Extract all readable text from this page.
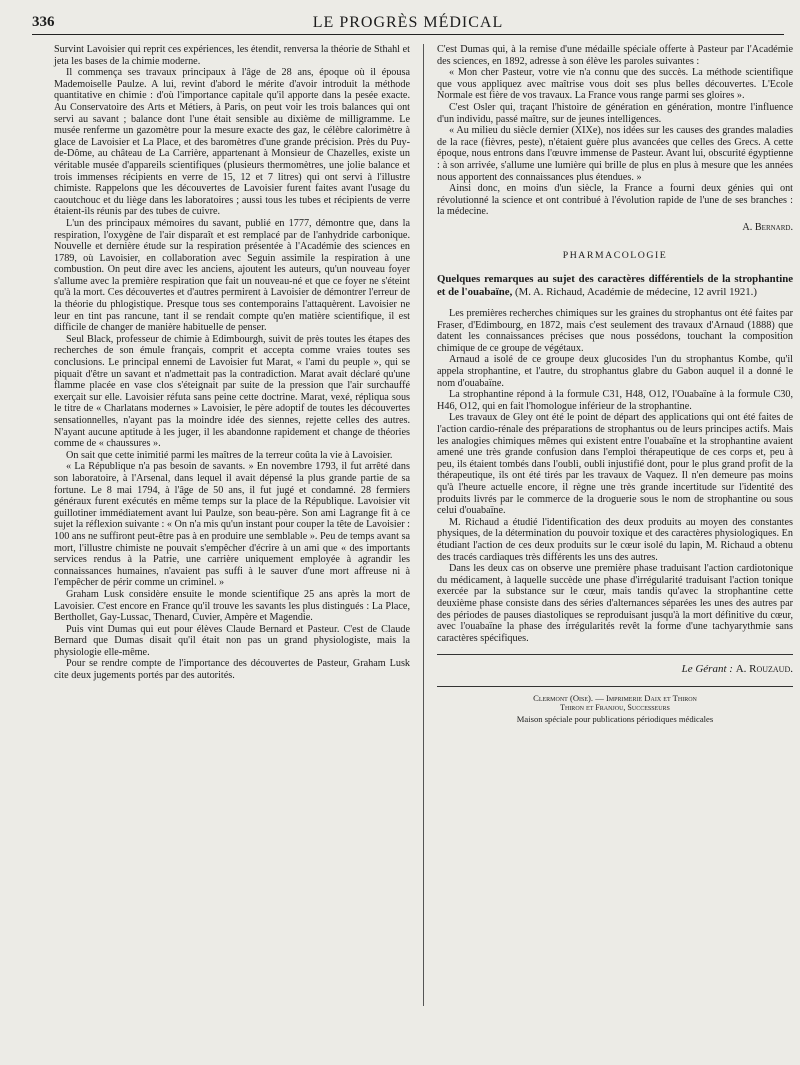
336	LE PROGRÈS MÉDICAL

Survint Lavoisier qui reprit ces expériences, les étendit, renversa la théorie de Sthahl et jeta les bases de la chimie moderne.

Il commença ses travaux principaux à l'âge de 28 ans, époque où il épousa Mademoiselle Paulze. A lui, revint d'abord le mérite d'avoir introduit la méthode quantitative en chimie : d'où l'importance capitale qu'il apporte dans la pesée exacte. Au Conservatoire des Arts et Métiers, à Paris, on peut voir les trois balances qui ont servi au savant ; balance dont l'une était sensible au dixième de milligramme. Le musée renferme un gazomètre pour la mesure exacte des gaz, le célèbre calorimètre à glace de Lavoisier et La Place, et des baromètres d'une grande précision. Près du Puy-de-Dôme, au château de La Carrière, appartenant à Monsieur de Chazelles, existe un véritable musée d'appareils scientifiques (plusieurs thermomètres, une jolie balance et trois immenses récipients en verre de 15, 12 et 7 litres) qui ont servi à l'illustre chimiste. Rappelons que les découvertes de Lavoisier furent faites avant l'usage du caoutchouc et du liège dans les laboratoires ; aussi tous les tubes et récipients de verre étaient-ils réunis par des tubes de cuivre.

L'un des principaux mémoires du savant, publié en 1777, démontre que, dans la respiration, l'oxygène de l'air disparaît et est remplacé par de l'anhydride carbonique. Nouvelle et dernière étude sur la respiration présentée à l'Académie des sciences en 1789, où Lavoisier, en collaboration avec Seguin assimile la respiration à une combustion. On peut dire avec les anciens, ajoutent les auteurs, qu'un nouveau foyer s'allume avec la première respiration que fait un nouveau-né et que ce foyer ne s'éteint qu'à la mort. Ces découvertes et d'autres permirent à Lavoisier de démontrer l'erreur de la théorie du phlogistique. Presque tous ses contemporains l'attaquèrent. Lavoisier ne leur en tint pas rancune, tant il se rendait compte qu'en matière scientifique, il est difficile de changer de manière habituelle de penser.

Seul Black, professeur de chimie à Edimbourgh, suivit de près toutes les étapes des recherches de son émule français, comprit et accepta comme vraies toutes ses conclusions. Le principal ennemi de Lavoisier fut Marat, « l'ami du peuple », qui se piquait d'être un savant et n'admettait pas la contradiction. Marat avait déclaré qu'une flamme placée en vase clos s'éteignait par suite de la pression que l'air surchauffé exerçait sur elle. Lavoisier réfuta sans peine cette doctrine. Marat, vexé, répliqua sous le titre de « Charlatans modernes » Lavoisier, le père adoptif de toutes les découvertes sensationnelles, n'ayant pas la moindre idée des siennes, rejette celles des autres. N'ayant aucune aptitude à les juger, il les abandonne rapidement et change de théories comme de « chaussures ».

On sait que cette inimitié parmi les maîtres de la terreur coûta la vie à Lavoisier.

« La République n'a pas besoin de savants. » En novembre 1793, il fut arrêté dans son laboratoire, à l'Arsenal, dans lequel il avait dépensé la plus grande partie de sa fortune. Le 8 mai 1794, à l'âge de 50 ans, il fut jugé et condamné. 28 fermiers généraux furent exécutés en même temps sur la place de la République. Lavoisier vit guillotiner immédiatement avant lui Paulze, son beau-père. Son ami Lagrange fit à ce sujet la réflexion suivante : « On n'a mis qu'un instant pour couper la tête de Lavoisier : 100 ans ne suffiront peut-être pas à en produire une semblable ». Peu de temps avant sa mort, l'illustre chimiste ne pouvait s'empêcher d'écrire à un ami que « des importants services rendus à la Patrie, une carrière uniquement employée à agrandir les connaissances humaines, n'avaient pas suffi à le sauver d'une mort affreuse ni à l'empêcher de périr comme un criminel. »

Graham Lusk considère ensuite le monde scientifique 25 ans après la mort de Lavoisier. C'est encore en France qu'il trouve les savants les plus distingués : La Place, Berthollet, Gay-Lussac, Thenard, Cuvier, Ampère et Magendie.

Puis vint Dumas qui eut pour élèves Claude Bernard et Pasteur. C'est de Claude Bernard que Dumas disait qu'il était non pas un grand physiologiste, mais la physiologie elle-même.

Pour se rendre compte de l'importance des découvertes de Pasteur, Graham Lusk cite deux jugements portés par des autorités.

C'est Dumas qui, à la remise d'une médaille spéciale offerte à Pasteur par l'Académie des sciences, en 1892, adresse à son élève les paroles suivantes :

« Mon cher Pasteur, votre vie n'a connu que des succès. La méthode scientifique que vous appliquez avec maîtrise vous doit ses plus belles découvertes. L'Ecole Normale est fière de vos travaux. La France vous range parmi ses gloires ».

C'est Osler qui, traçant l'histoire de génération en génération, montre l'influence d'un individu, passé maître, sur de jeunes intelligences.

« Au milieu du siècle dernier (XIXe), nos idées sur les causes des grandes maladies de la race (fièvres, peste), n'étaient guère plus avancées que celles des Grecs. A cette époque, nous entrons dans l'œuvre immense de Pasteur. Avant lui, obscurité égyptienne : à son arrivée, s'allume une lumière qui brille de plus en plus à mesure que les années nous apportent des connaissances plus étendues. »

Ainsi donc, en moins d'un siècle, la France a fourni deux génies qui ont révolutionné la science et ont contribué à l'évolution rapide de l'une de ses branches : la médecine.

A. Bernard.
PHARMACOLOGIE

Quelques remarques au sujet des caractères différentiels de la strophantine et de l'ouabaïne, (M. A. Richaud, Académie de médecine, 12 avril 1921.)

Les premières recherches chimiques sur les graines du strophantus ont été faites par Fraser, d'Edimbourg, en 1872, mais c'est seulement des travaux d'Arnaud (1888) que datent les connaissances précises que nous possédons, touchant la composition chimique de ce groupe de végétaux.

Arnaud a isolé de ce groupe deux glucosides l'un du strophantus Kombe, qu'il appela strophantine, et l'autre, du strophantus glabre du Gabon auquel il a donné le nom d'ouabaïne.

La strophantine répond à la formule C31, H48, O12, l'Ouabaïne à la formule C30, H46, O12, qui en fait l'homologue inférieur de la strophantine.

Les travaux de Gley ont été le point de départ des applications qui ont été faites de l'action cardio-rénale des préparations de strophantus ou de leurs principes actifs. Mais les analogies chimiques mêmes qui existent entre l'ouabaïne et la strophantine avaient amené une très grande confusion dans l'emploi thérapeutique de ces corps et, peu à peu, ils étaient tombés dans l'oubli, oubli injustifié dont, pour le plus grand profit de la thérapeutique, ils ont été tirés par les travaux de Vaquez. Il n'en demeure pas moins qu'à l'heure actuelle encore, il règne une très grande incertitude sur l'identité des produits livrés par le commerce de la droguerie sous le nom de strophantine ou sous celui d'ouabaïne.

M. Richaud a étudié l'identification des deux produits au moyen des constantes physiques, de la détermination du pouvoir toxique et des caractères physiologiques. En étudiant l'action de ces deux produits sur le cœur isolé du lapin, M. Richaud a obtenu des tracés cardiaques très différents les uns des autres.

Dans les deux cas on observe une première phase traduisant l'action cardiotonique du médicament, à laquelle succède une phase d'irrégularité traduisant l'action tonique exercée par la substance sur le cœur, mais tandis qu'avec la strophantine cette deuxième phase consiste dans des séries d'alternances séparées les unes des autres par des périodes de pauses diastoliques se reproduisant jusqu'à la mort définitive du cœur, avec l'ouabaïne la phase des irrégularités revêt la forme d'une tachyarythmie sans caractères spécifiques.

Le Gérant : A. Rouzaud.
Clermont (Oise). — Imprimerie Daix et Thiron
Thiron et Franjou, Successeurs
Maison spéciale pour publications périodiques médicales
